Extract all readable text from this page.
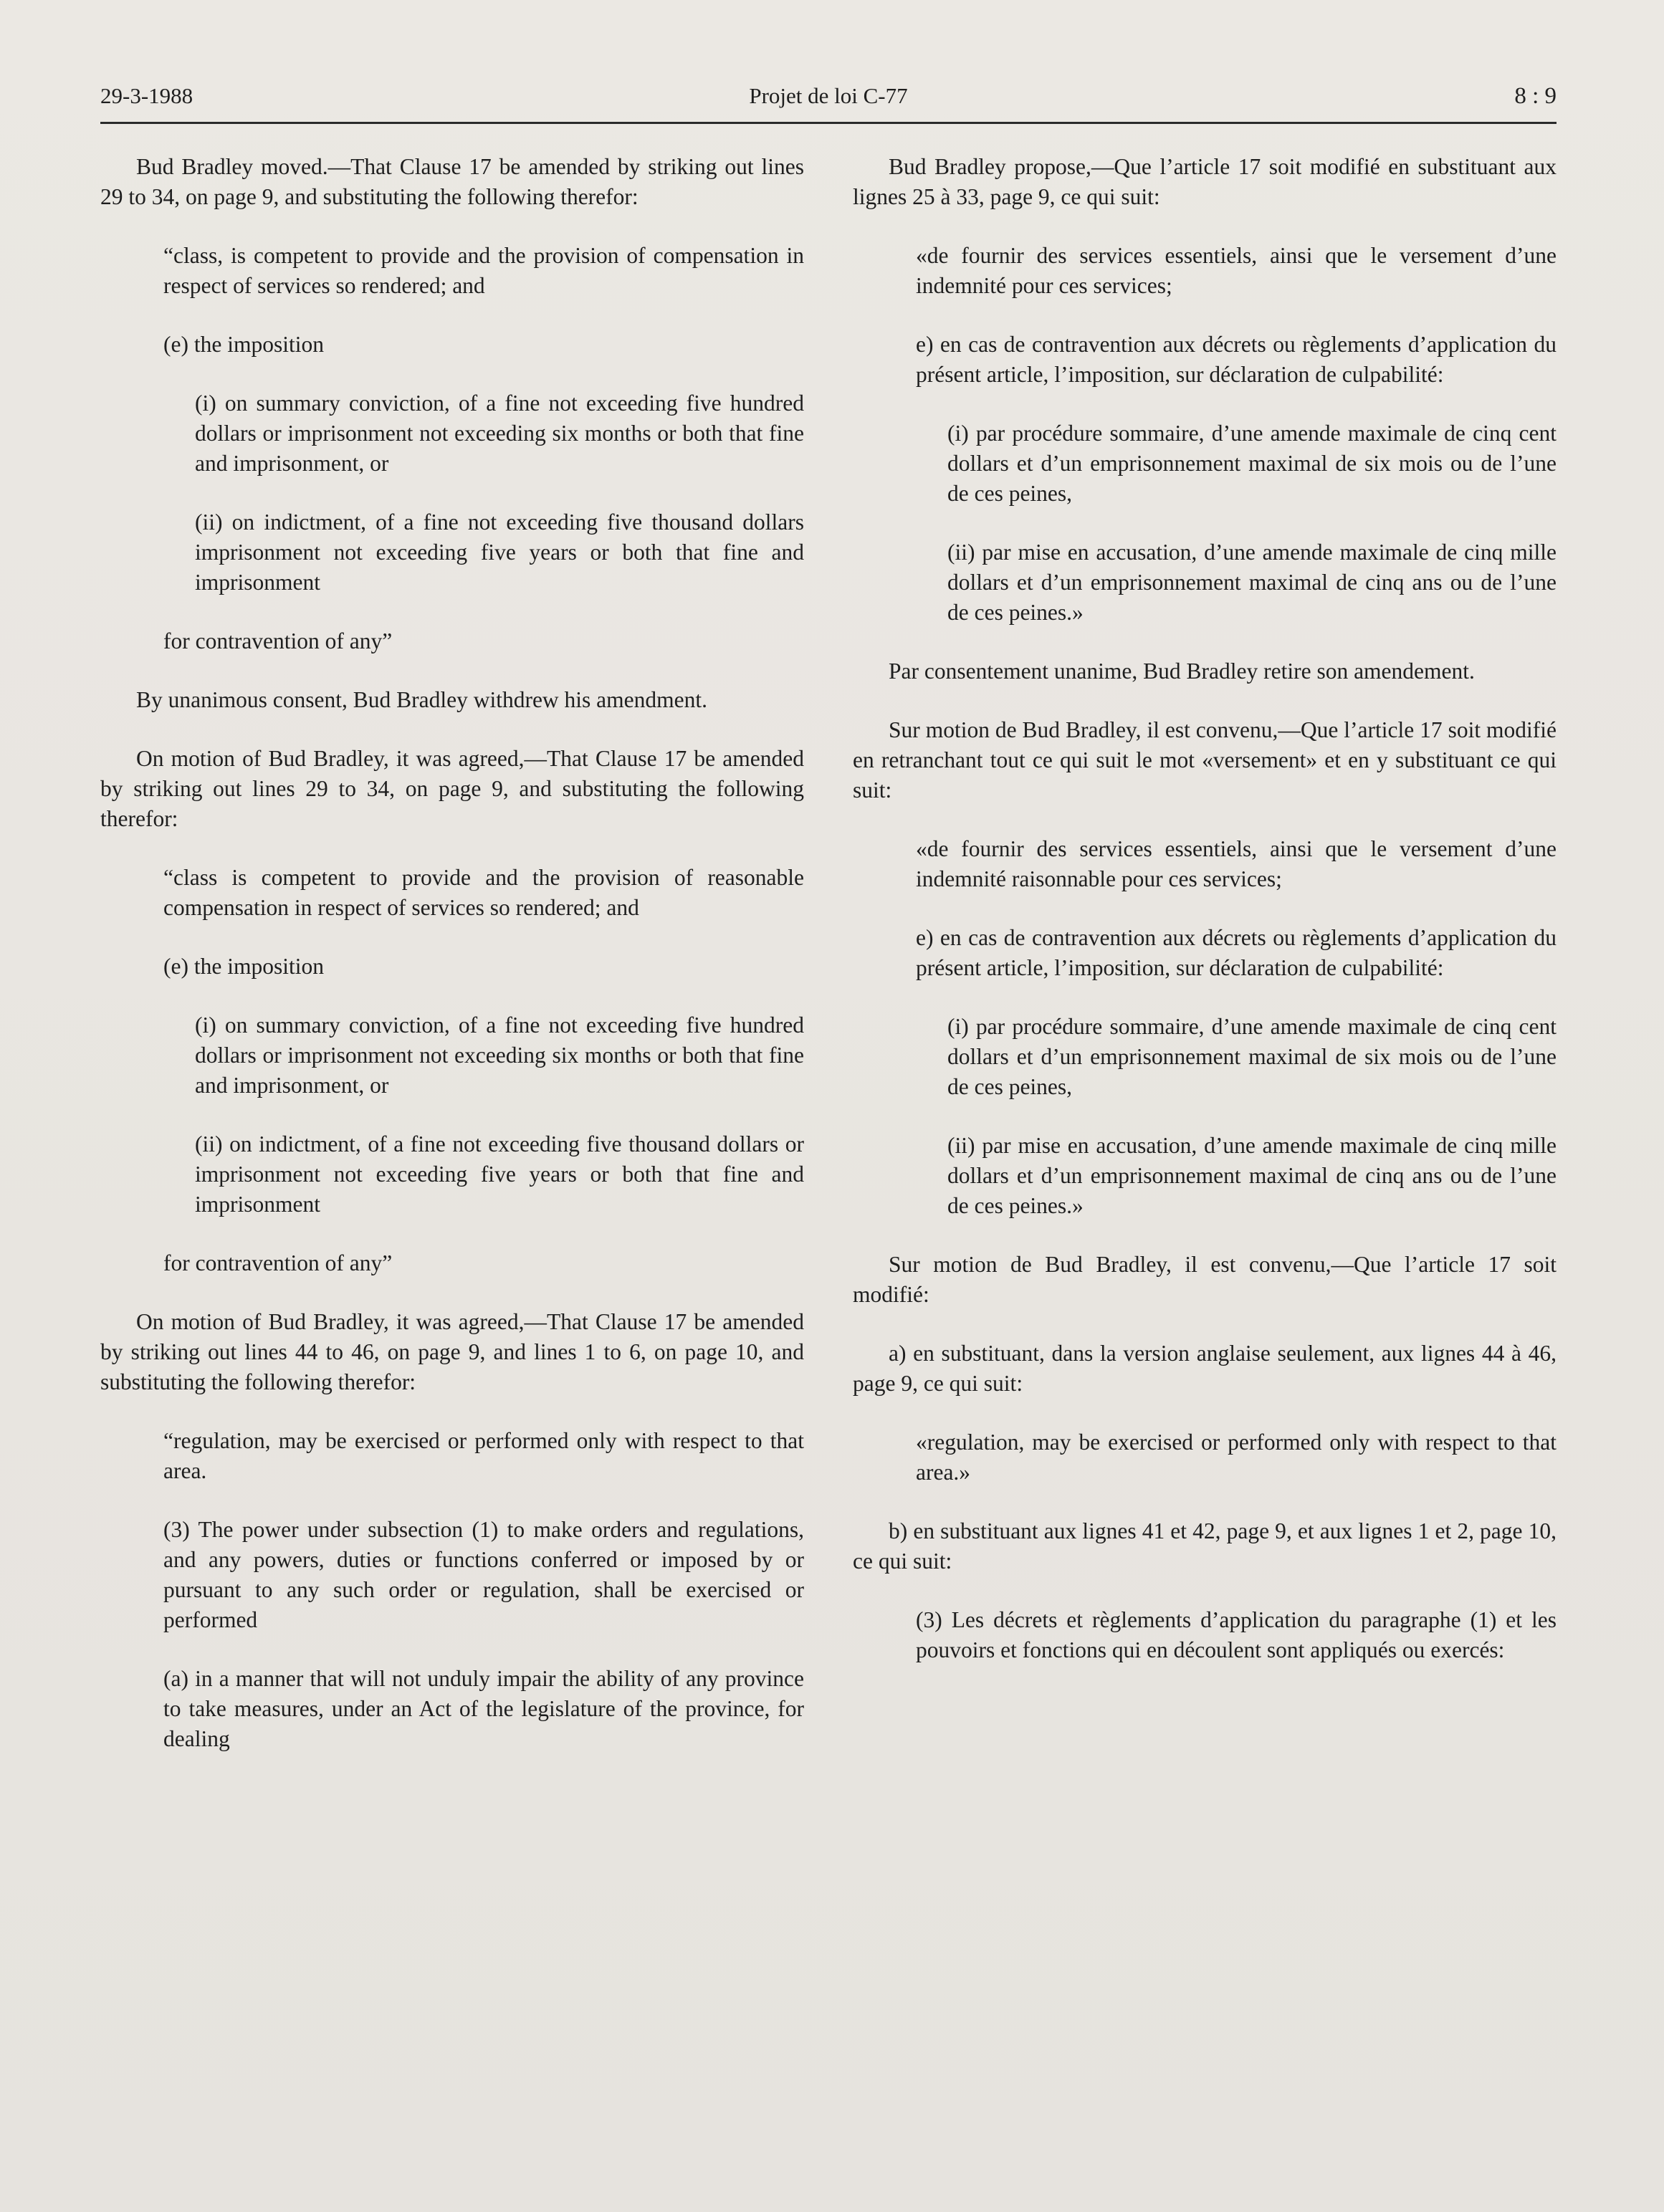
29-3-1988	Projet de loi C-77	8 : 9

Bud Bradley moved.—That Clause 17 be amended by striking out lines 29 to 34, on page 9, and substituting the following therefor:

“class, is competent to provide and the provision of compensation in respect of services so rendered; and

(e) the imposition

(i) on summary conviction, of a fine not exceeding five hundred dollars or imprisonment not exceeding six months or both that fine and imprisonment, or

(ii) on indictment, of a fine not exceeding five thousand dollars imprisonment not exceeding five years or both that fine and imprisonment

for contravention of any”

By unanimous consent, Bud Bradley withdrew his amendment.

On motion of Bud Bradley, it was agreed,—That Clause 17 be amended by striking out lines 29 to 34, on page 9, and substituting the following therefor:

“class is competent to provide and the provision of reasonable compensation in respect of services so rendered; and

(e) the imposition

(i) on summary conviction, of a fine not exceeding five hundred dollars or imprisonment not exceeding six months or both that fine and imprisonment, or

(ii) on indictment, of a fine not exceeding five thousand dollars or imprisonment not exceeding five years or both that fine and imprisonment

for contravention of any”

On motion of Bud Bradley, it was agreed,—That Clause 17 be amended by striking out lines 44 to 46, on page 9, and lines 1 to 6, on page 10, and substituting the following therefor:

“regulation, may be exercised or performed only with respect to that area.

(3) The power under subsection (1) to make orders and regulations, and any powers, duties or functions conferred or imposed by or pursuant to any such order or regulation, shall be exercised or performed

(a) in a manner that will not unduly impair the ability of any province to take measures, under an Act of the legislature of the province, for dealing

Bud Bradley propose,—Que l’article 17 soit modifié en substituant aux lignes 25 à 33, page 9, ce qui suit:

«de fournir des services essentiels, ainsi que le versement d’une indemnité pour ces services;

e) en cas de contravention aux décrets ou règlements d’application du présent article, l’imposition, sur déclaration de culpabilité:

(i) par procédure sommaire, d’une amende maximale de cinq cent dollars et d’un emprisonnement maximal de six mois ou de l’une de ces peines,

(ii) par mise en accusation, d’une amende maximale de cinq mille dollars et d’un emprisonnement maximal de cinq ans ou de l’une de ces peines.»

Par consentement unanime, Bud Bradley retire son amendement.

Sur motion de Bud Bradley, il est convenu,—Que l’article 17 soit modifié en retranchant tout ce qui suit le mot «versement» et en y substituant ce qui suit:

«de fournir des services essentiels, ainsi que le versement d’une indemnité raisonnable pour ces services;

e) en cas de contravention aux décrets ou règlements d’application du présent article, l’imposition, sur déclaration de culpabilité:

(i) par procédure sommaire, d’une amende maximale de cinq cent dollars et d’un emprisonnement maximal de six mois ou de l’une de ces peines,

(ii) par mise en accusation, d’une amende maximale de cinq mille dollars et d’un emprisonnement maximal de cinq ans ou de l’une de ces peines.»

Sur motion de Bud Bradley, il est convenu,—Que l’article 17 soit modifié:

a) en substituant, dans la version anglaise seulement, aux lignes 44 à 46, page 9, ce qui suit:

«regulation, may be exercised or performed only with respect to that area.»

b) en substituant aux lignes 41 et 42, page 9, et aux lignes 1 et 2, page 10, ce qui suit:

(3) Les décrets et règlements d’application du paragraphe (1) et les pouvoirs et fonctions qui en découlent sont appliqués ou exercés:
